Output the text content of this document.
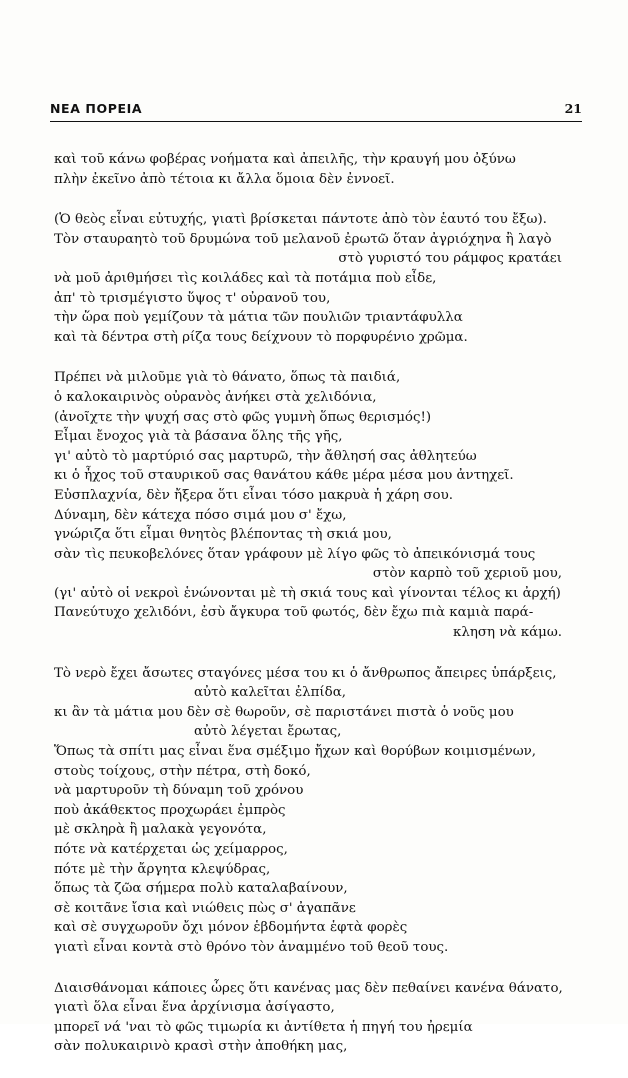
ΝΕΑ ΠΟΡΕΙΑ	21
καὶ τοῦ κάνω φοβέρας νοήματα καὶ ἀπειλῆς, τὴν κραυγή μου ὀξύνω
πλὴν ἐκεῖνο ἀπὸ τέτοια κι ἄλλα ὅμοια δὲν ἐννοεῖ.
(Ὁ θεὸς εἶναι εὐτυχής, γιατὶ βρίσκεται πάντοτε ἀπὸ τὸν ἑαυτό του ἔξω).
Τὸν σταυραητὸ τοῦ δρυμώνα τοῦ μελανοῦ ἐρωτῶ ὅταν ἀγριόχηνα ἢ λαγὸ
στὸ γυριστό του ράμφος κρατάει
νὰ μοῦ ἀριθμήσει τὶς κοιλάδες καὶ τὰ ποτάμια ποὺ εἶδε,
ἀπ' τὸ τρισμέγιστο ὕψος τ' οὐρανοῦ του,
τὴν ὥρα ποὺ γεμίζουν τὰ μάτια τῶν πουλιῶν τριαντάφυλλα
καὶ τὰ δέντρα στὴ ρίζα τους δείχνουν τὸ πορφυρένιο χρῶμα.
Πρέπει νὰ μιλοῦμε γιὰ τὸ θάνατο, ὅπως τὰ παιδιά,
ὁ καλοκαιρινὸς οὐρανὸς ἀνήκει στὰ χελιδόνια,
(ἀνοῖχτε τὴν ψυχή σας στὸ φῶς γυμνὴ ὅπως θερισμός!)
Εἶμαι ἔνοχος γιὰ τὰ βάσανα ὅλης τῆς γῆς,
γι' αὐτὸ τὸ μαρτύριό σας μαρτυρῶ, τὴν ἄθλησή σας ἀθλητεύω
κι ὁ ἦχος τοῦ σταυρικοῦ σας θανάτου κάθε μέρα μέσα μου ἀντηχεῖ.
Εὐσπλαχνία, δὲν ἤξερα ὅτι εἶναι τόσο μακρυὰ ἡ χάρη σου.
Δύναμη, δὲν κάτεχα πόσο σιμά μου σ' ἔχω,
γνώριζα ὅτι εἶμαι θνητὸς βλέποντας τὴ σκιά μου,
σὰν τὶς πευκοβελόνες ὅταν γράφουν μὲ λίγο φῶς τὸ ἀπεικόνισμά τους
στὸν καρπὸ τοῦ χεριοῦ μου,
(γι' αὐτὸ οἱ νεκροὶ ἑνώνονται μὲ τὴ σκιά τους καὶ γίνονται τέλος κι ἀρχή)
Πανεύτυχο χελιδόνι, ἐσὺ ἄγκυρα τοῦ φωτός, δὲν ἔχω πιὰ καμιὰ παρά-
κληση νὰ κάμω.
Τὸ νερὸ ἔχει ἄσωτες σταγόνες μέσα του κι ὁ ἄνθρωπος ἄπειρες ὑπάρξεις,
αὐτὸ καλεῖται ἐλπίδα,
κι ἂν τὰ μάτια μου δὲν σὲ θωροῦν, σὲ παριστάνει πιστὰ ὁ νοῦς μου
αὐτὸ λέγεται ἔρωτας,
Ὅπως τὰ σπίτι μας εἶναι ἕνα σμέξιμο ἤχων καὶ θορύβων κοιμισμένων,
στοὺς τοίχους, στὴν πέτρα, στὴ δοκό,
νὰ μαρτυροῦν τὴ δύναμη τοῦ χρόνου
ποὺ ἀκάθεκτος προχωράει ἐμπρὸς
μὲ σκληρὰ ἢ μαλακὰ γεγονότα,
πότε νὰ κατέρχεται ὡς χείμαρρος,
πότε μὲ τὴν ἄργητα κλεψύδρας,
ὅπως τὰ ζῶα σήμερα πολὺ καταλαβαίνουν,
σὲ κοιτᾶνε ἴσια καὶ νιώθεις πὼς σ' ἀγαπᾶνε
καὶ σὲ συγχωροῦν ὄχι μόνον ἑβδομήντα ἑφτὰ φορὲς
γιατὶ εἶναι κοντὰ στὸ θρόνο τὸν ἀναμμένο τοῦ θεοῦ τους.
Διαισθάνομαι κάποιες ὧρες ὅτι κανένας μας δὲν πεθαίνει κανένα θάνατο,
γιατὶ ὅλα εἶναι ἕνα ἀρχίνισμα ἀσίγαστο,
μπορεῖ νά 'ναι τὸ φῶς τιμωρία κι ἀντίθετα ἡ πηγή του ἠρεμία
σὰν πολυκαιρινὸ κρασὶ στὴν ἀποθήκη μας,
